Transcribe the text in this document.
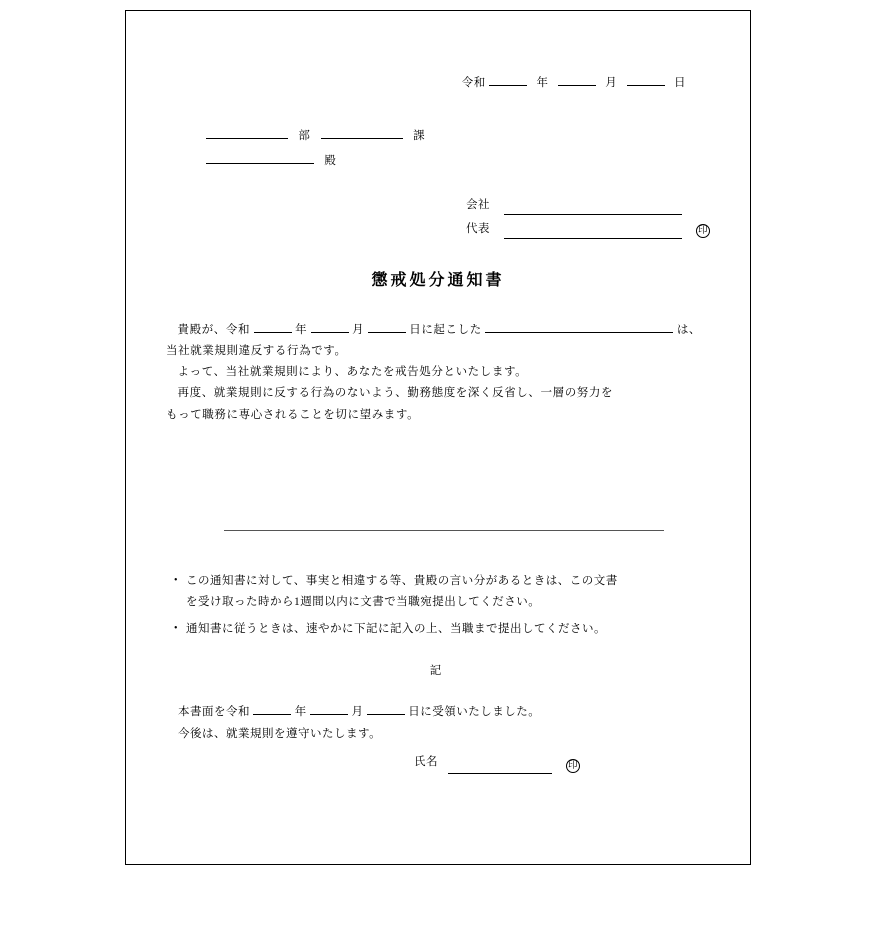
令和	年	月	日
部	課
殿
会社
代表	印
懲戒処分通知書

貴殿が、令和	年	月	日に起こした	は、

当社就業規則違反する行為です。

よって、当社就業規則により、あなたを戒告処分といたします。

再度、就業規則に反する行為のないよう、勤務態度を深く反省し、一層の努力を

もって職務に専心されることを切に望みます。

• この通知書に対して、事実と相違する等、貴殿の言い分があるときは、この文書
を受け取った時から1週間以内に文書で当職宛提出してください。
• 通知書に従うときは、速やかに下記に記入の上、当職まで提出してください。
記
本書面を令和	年	月	日に受領いたしました。
今後は、就業規則を遵守いたします。
氏名	印
